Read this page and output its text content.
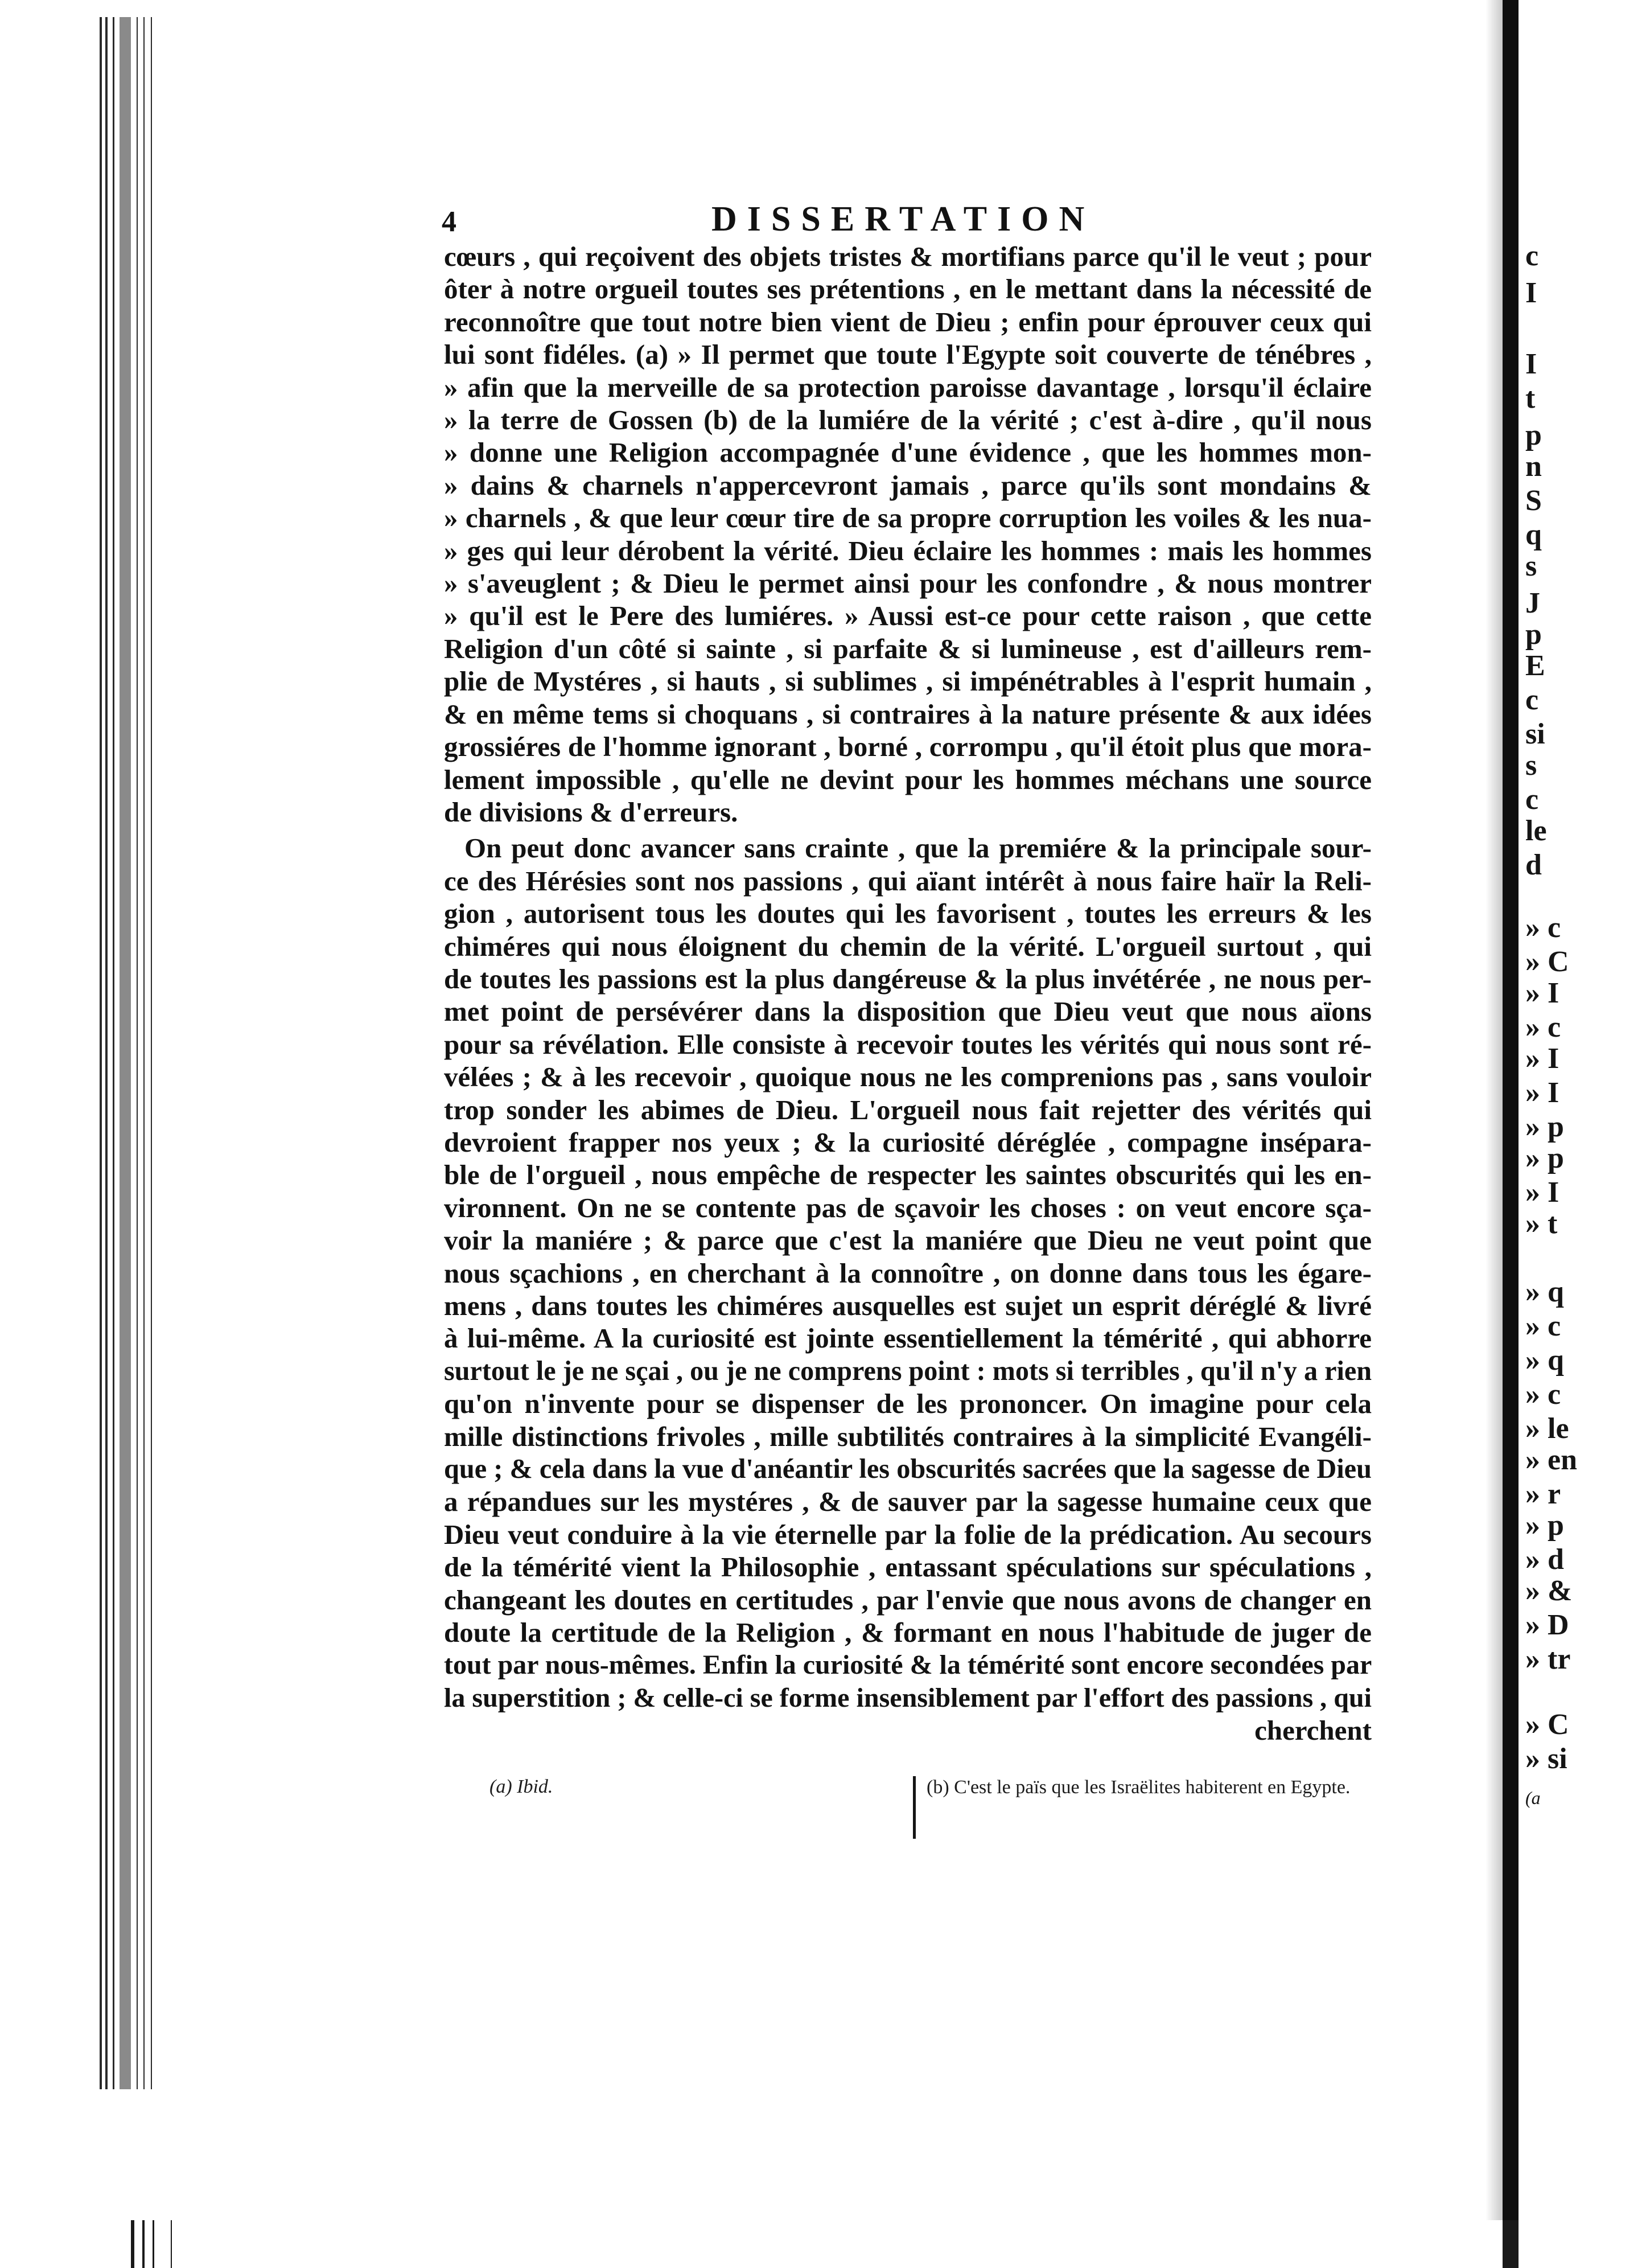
c
I
I
t
p
n
S
q
s
J
p
E
c
si
s
c
le
d
» c
» C
» I
» c
» I
» I
» p
» p
» I
» t
» q
» c
» q
» c
» le
» en
» r
» p
» d
» &
» D
» tr
» C
» si
(a
4	DISSERTATION
cœurs , qui reçoivent des objets tristes & mortifians parce qu'il le veut ; pour
ôter à notre orgueil toutes ses prétentions , en le mettant dans la nécessité de
reconnoître que tout notre bien vient de Dieu ; enfin pour éprouver ceux qui
lui sont fidéles. (a) » Il permet que toute l'Egypte soit couverte de ténébres ,
» afin que la merveille de sa protection paroisse davantage , lorsqu'il éclaire
» la terre de Gossen (b) de la lumiére de la vérité ; c'est à-dire , qu'il nous
» donne une Religion accompagnée d'une évidence , que les hommes mon-
» dains & charnels n'appercevront jamais , parce qu'ils sont mondains &
» charnels , & que leur cœur tire de sa propre corruption les voiles & les nua-
» ges qui leur dérobent la vérité. Dieu éclaire les hommes : mais les hommes
» s'aveuglent ; & Dieu le permet ainsi pour les confondre , & nous montrer
» qu'il est le Pere des lumiéres. » Aussi est-ce pour cette raison , que cette
Religion d'un côté si sainte , si parfaite & si lumineuse , est d'ailleurs rem-
plie de Mystéres , si hauts , si sublimes , si impénétrables à l'esprit humain ,
& en même tems si choquans , si contraires à la nature présente & aux idées
grossiéres de l'homme ignorant , borné , corrompu , qu'il étoit plus que mora-
lement impossible , qu'elle ne devint pour les hommes méchans une source
de divisions & d'erreurs.
On peut donc avancer sans crainte , que la premiére & la principale sour-
ce des Hérésies sont nos passions , qui aïant intérêt à nous faire haïr la Reli-
gion , autorisent tous les doutes qui les favorisent , toutes les erreurs & les
chiméres qui nous éloignent du chemin de la vérité. L'orgueil surtout , qui
de toutes les passions est la plus dangéreuse & la plus invétérée , ne nous per-
met point de persévérer dans la disposition que Dieu veut que nous aïons
pour sa révélation. Elle consiste à recevoir toutes les vérités qui nous sont ré-
vélées ; & à les recevoir , quoique nous ne les comprenions pas , sans vouloir
trop sonder les abimes de Dieu. L'orgueil nous fait rejetter des vérités qui
devroient frapper nos yeux ; & la curiosité déréglée , compagne insépara-
ble de l'orgueil , nous empêche de respecter les saintes obscurités qui les en-
vironnent. On ne se contente pas de sçavoir les choses : on veut encore sça-
voir la maniére ; & parce que c'est la maniére que Dieu ne veut point que
nous sçachions , en cherchant à la connoître , on donne dans tous les égare-
mens , dans toutes les chiméres ausquelles est sujet un esprit déréglé & livré
à lui-même. A la curiosité est jointe essentiellement la témérité , qui abhorre
surtout le je ne sçai , ou je ne comprens point : mots si terribles , qu'il n'y a rien
qu'on n'invente pour se dispenser de les prononcer. On imagine pour cela
mille distinctions frivoles , mille subtilités contraires à la simplicité Evangéli-
que ; & cela dans la vue d'anéantir les obscurités sacrées que la sagesse de Dieu
a répandues sur les mystéres , & de sauver par la sagesse humaine ceux que
Dieu veut conduire à la vie éternelle par la folie de la prédication. Au secours
de la témérité vient la Philosophie , entassant spéculations sur spéculations ,
changeant les doutes en certitudes , par l'envie que nous avons de changer en
doute la certitude de la Religion , & formant en nous l'habitude de juger de
tout par nous-mêmes. Enfin la curiosité & la témérité sont encore secondées par
la superstition ; & celle-ci se forme insensiblement par l'effort des passions , qui
cherchent
(a) Ibid.	(b) C'est le païs que les Israëlites habiterent en Egypte.
